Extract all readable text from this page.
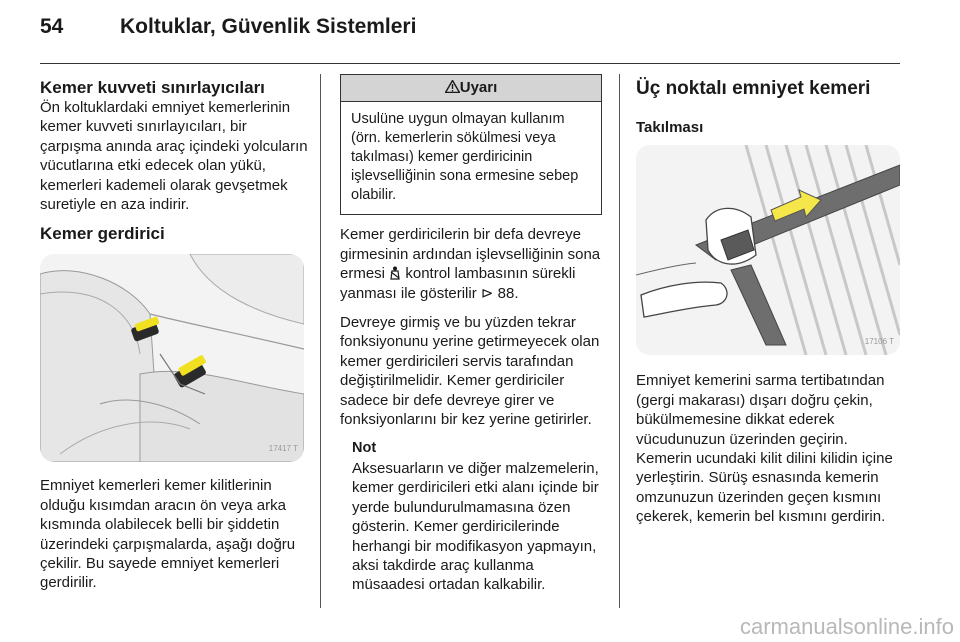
54	Koltuklar, Güvenlik Sistemleri
Kemer kuvveti sınırlayıcıları

Ön koltuklardaki emniyet kemerlerinin kemer kuvveti sınırlayıcıları, bir çarpışma anında araç içindeki yolcuların vücutlarına etki edecek olan yükü, kemerleri kademeli olarak gevşetmek suretiyle en aza indirir.

Kemer gerdirici
17417 T

Emniyet kemerleri kemer kilitlerinin olduğu kısımdan aracın ön veya arka kısmında olabilecek belli bir şiddetin üzerindeki çarpışmalarda, aşağı doğru çekilir. Bu sayede emniyet kemerleri gerdirilir.

Uyarı
Usulüne uygun olmayan kullanım (örn. kemerlerin sökülmesi veya takılması) kemer gerdiricinin işlevselliğinin sona ermesine sebep olabilir.

Kemer gerdiricilerin bir defa devreye girmesinin ardından işlevselliğinin sona ermesi kontrol lambasının sürekli yanması ile gösterilir ⊳ 88.

Devreye girmiş ve bu yüzden tekrar fonksiyonunu yerine getirmeyecek olan kemer gerdiricileri servis tarafından değiştirilmelidir. Kemer gerdiriciler sadece bir defe devreye girer ve fonksiyonlarını bir kez yerine getirirler.

Not

Aksesuarların ve diğer malzemelerin, kemer gerdiricileri etki alanı içinde bir yerde bulundurulmamasına özen gösterin. Kemer gerdiricilerinde herhangi bir modifikasyon yapmayın, aksi takdirde araç kullanma müsaadesi ortadan kalkabilir.

Üç noktalı emniyet kemeri
Takılması
17106 T

Emniyet kemerini sarma tertibatından (gergi makarası) dışarı doğru çekin, bükülmemesine dikkat ederek vücudunuzun üzerinden geçirin. Kemerin ucundaki kilit dilini kilidin içine yerleştirin. Sürüş esnasında kemerin omzunuzun üzerinden geçen kısmını çekerek, kemerin bel kısmını gerdirin.

carmanualsonline.info
